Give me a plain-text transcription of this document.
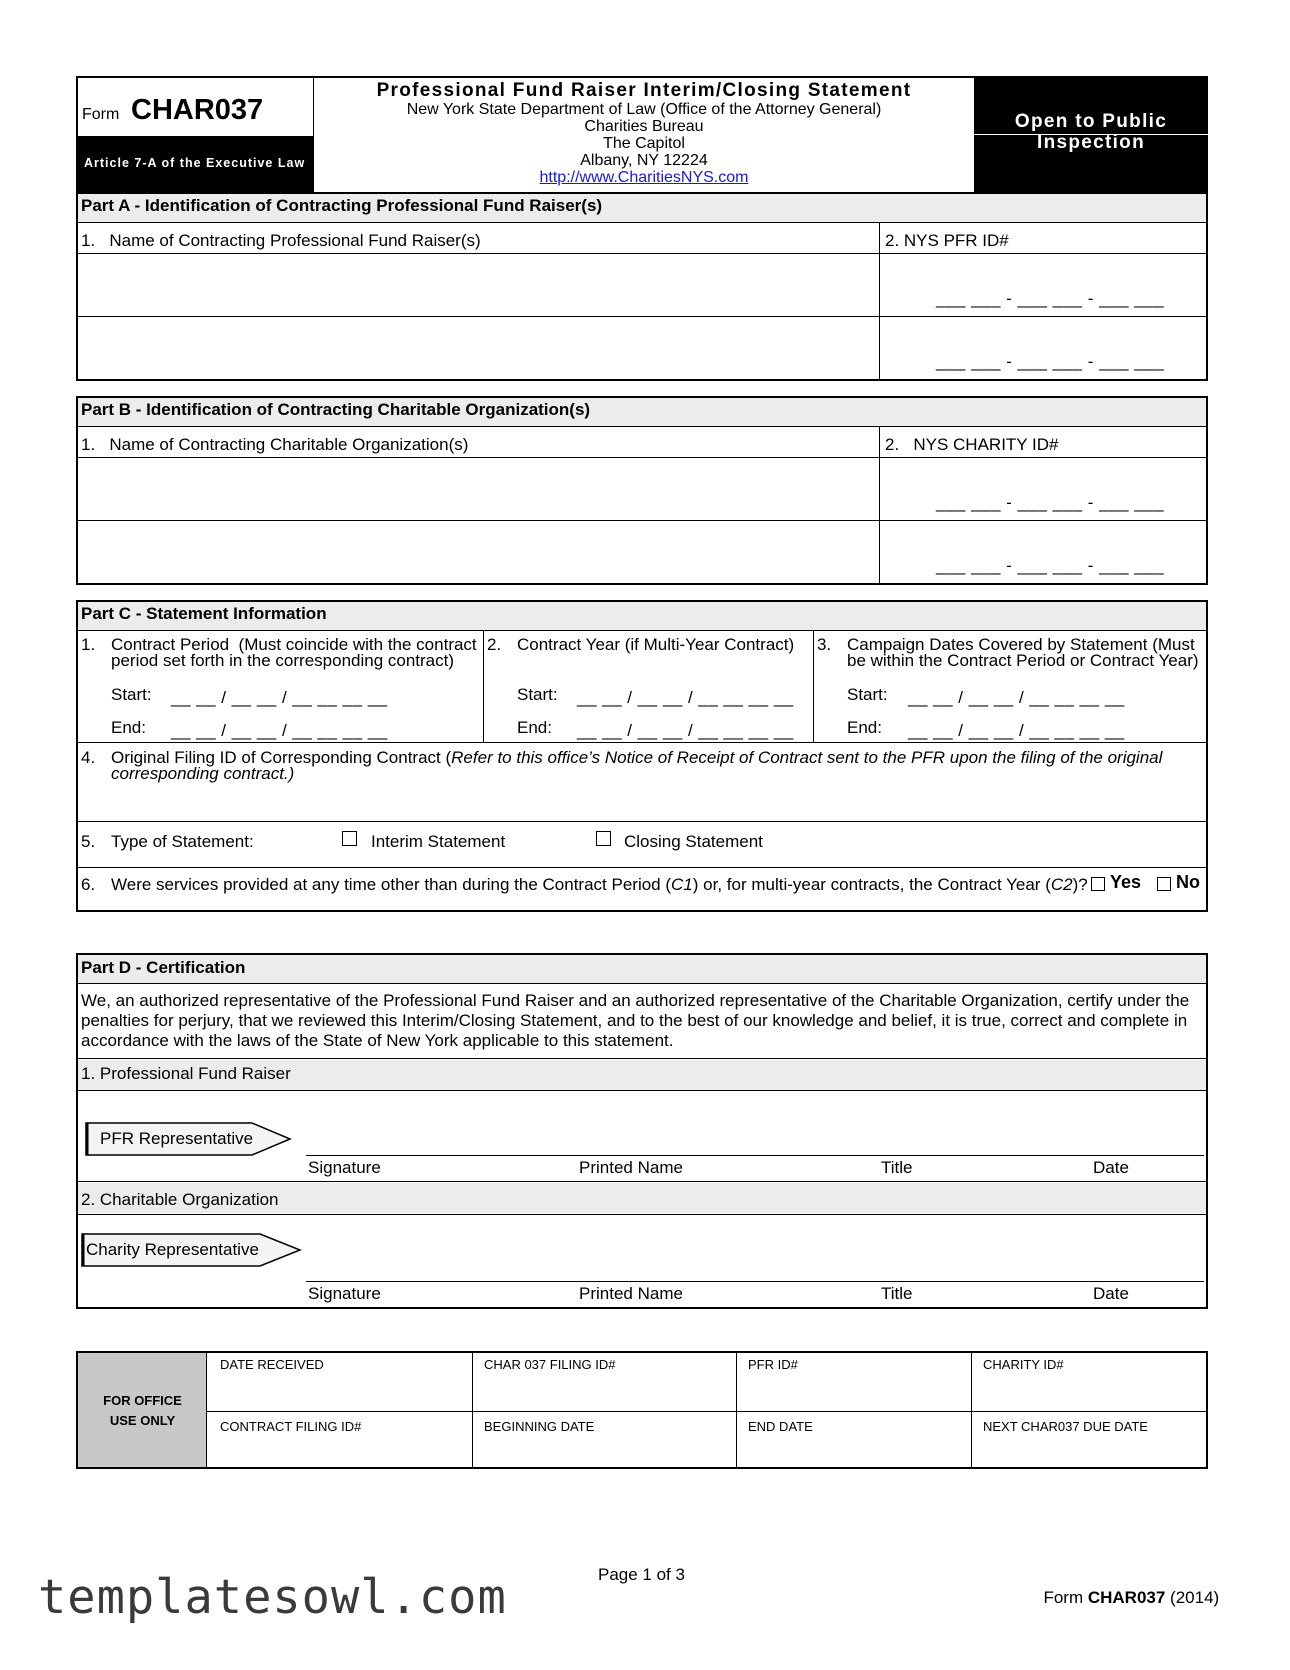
Form CHAR037
Article 7-A of the Executive Law
Professional Fund Raiser Interim/Closing Statement
New York State Department of Law (Office of the Attorney General)
Charities Bureau
The Capitol
Albany, NY 12224
http://www.CharitiesNYS.com
Open to Public
Inspection
Part A - Identification of Contracting Professional Fund Raiser(s)
1.   Name of Contracting Professional Fund Raiser(s)	2. NYS PFR ID#
___ ___ - ___ ___ - ___ ___
___ ___ - ___ ___ - ___ ___
Part B - Identification of Contracting Charitable Organization(s)
1.   Name of Contracting Charitable Organization(s)	2.   NYS CHARITY ID#
___ ___ - ___ ___ - ___ ___
___ ___ - ___ ___ - ___ ___
Part C - Statement Information
1. Contract Period  (Must coincide with the contract
period set forth in the corresponding contract)
Start: __ __ / __ __ / __ __ __ __
End: __ __ / __ __ / __ __ __ __
2. Contract Year (if Multi-Year Contract)
Start: __ __ / __ __ / __ __ __ __
End: __ __ / __ __ / __ __ __ __
3. Campaign Dates Covered by Statement (Must
be within the Contract Period or Contract Year)
Start: __ __ / __ __ / __ __ __ __
End: __ __ / __ __ / __ __ __ __
4. Original Filing ID of Corresponding Contract (Refer to this office’s Notice of Receipt of Contract sent to the PFR upon the filing of the original
corresponding contract.)
5. Type of Statement:	Interim Statement	Closing Statement
6. Were services provided at any time other than during the Contract Period (C1) or, for multi-year contracts, the Contract Year (C2)? Yes No
Part D - Certification
We, an authorized representative of the Professional Fund Raiser and an authorized representative of the Charitable Organization, certify under the
penalties for perjury, that we reviewed this Interim/Closing Statement, and to the best of our knowledge and belief, it is true, correct and complete in
accordance with the laws of the State of New York applicable to this statement.
1. Professional Fund Raiser
PFR Representative
Signature	Printed Name	Title	Date
2. Charitable Organization
Charity Representative
Signature	Printed Name	Title	Date
FOR OFFICE
USE ONLY
DATE RECEIVED	CHAR 037 FILING ID#	PFR ID#	CHARITY ID#
CONTRACT FILING ID#	BEGINNING DATE	END DATE	NEXT CHAR037 DUE DATE
Page 1 of 3

Form CHAR037 (2014)

templatesowl.com
